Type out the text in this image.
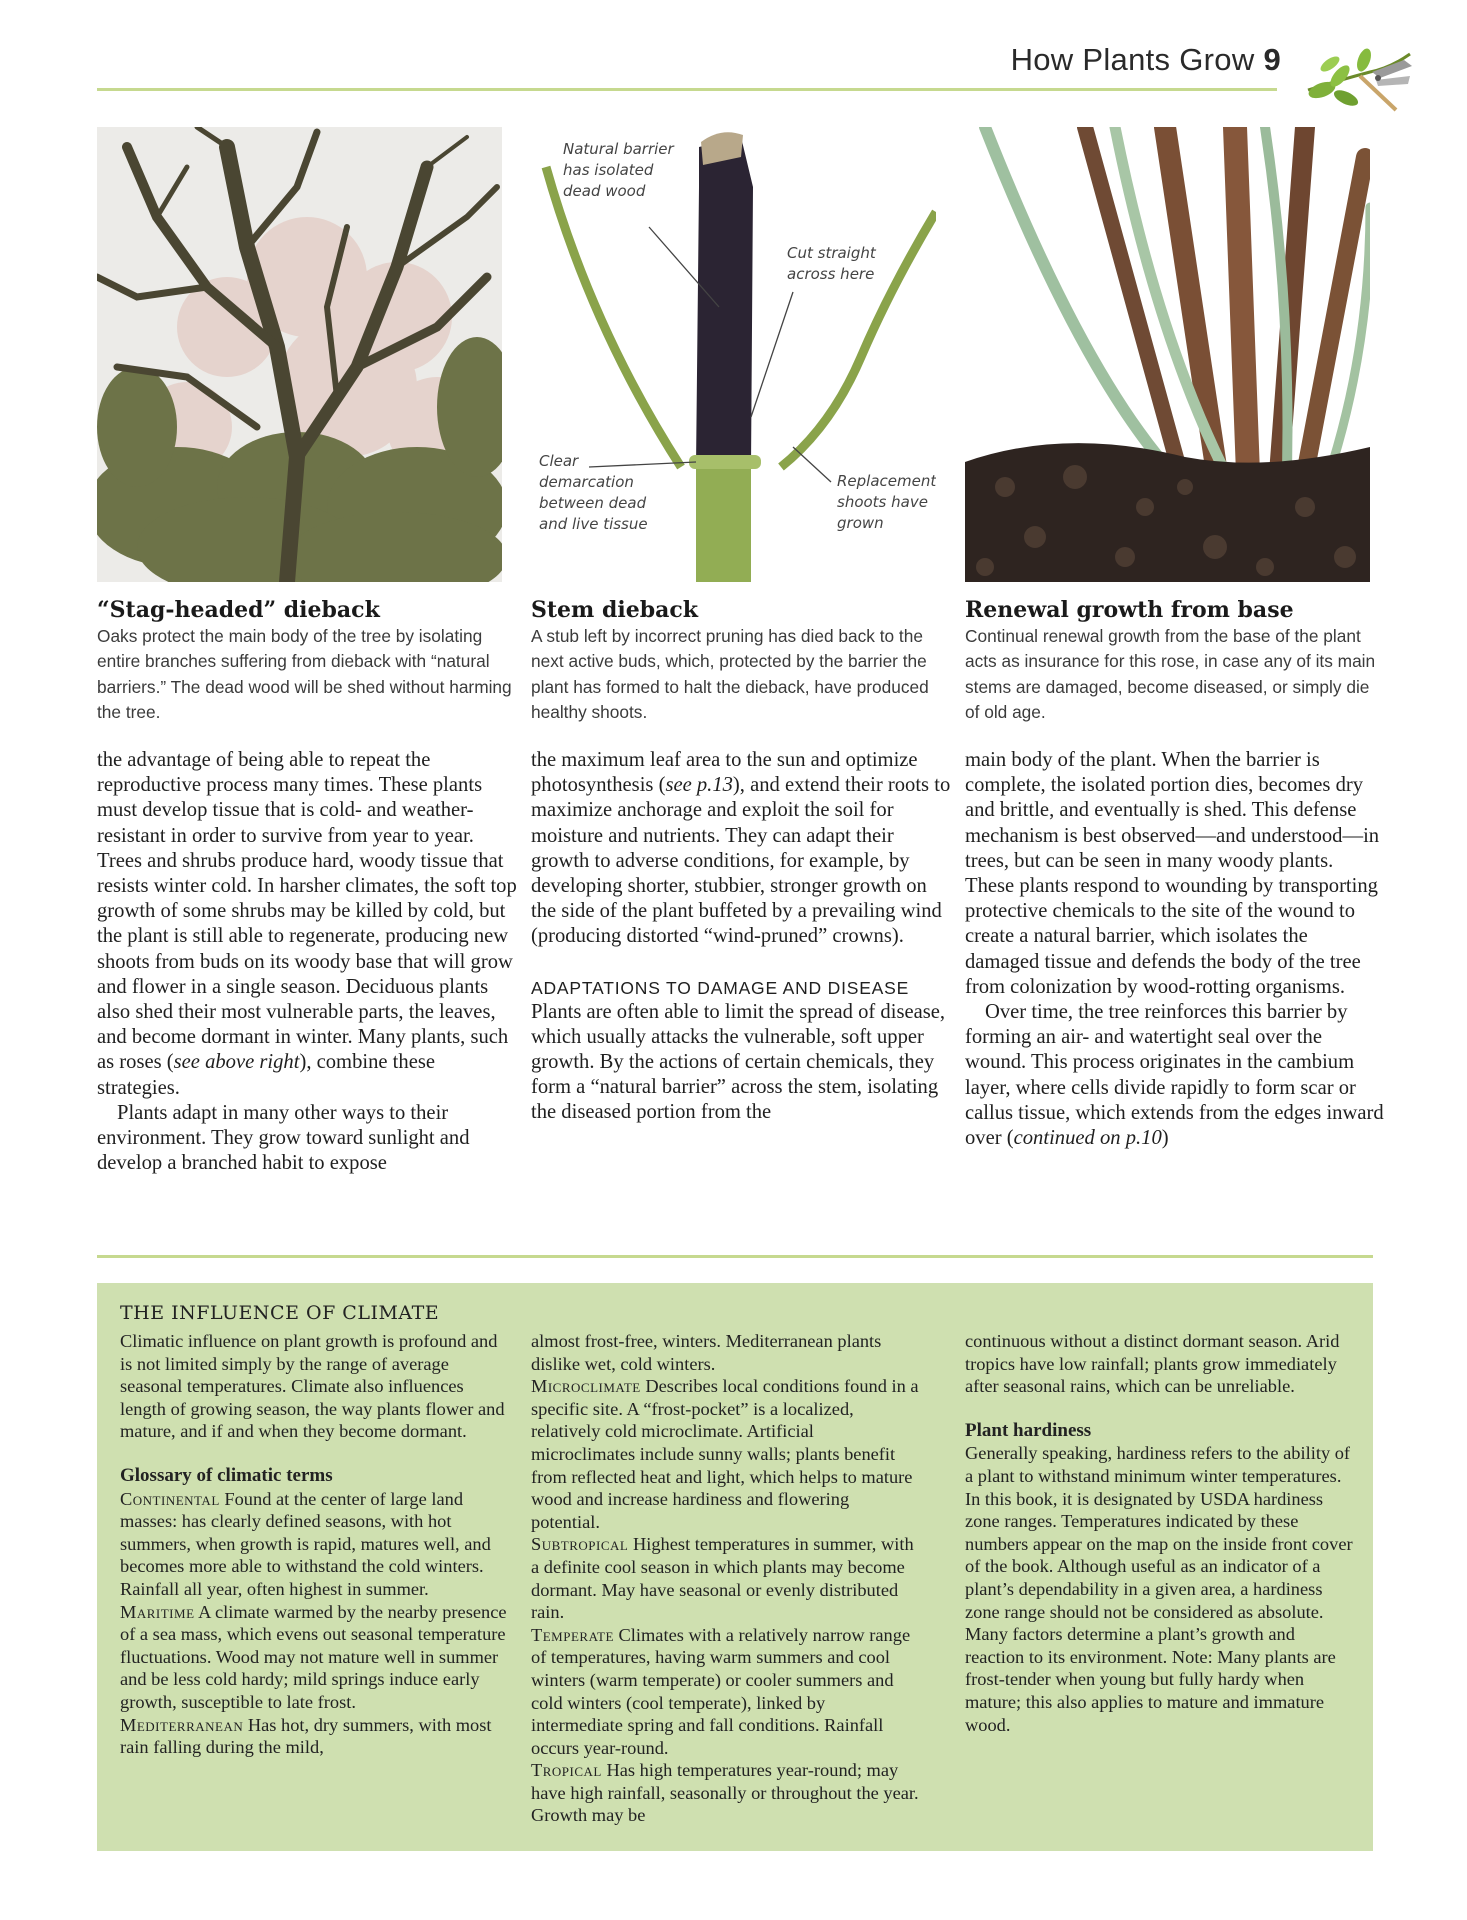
How Plants Grow 9
Natural barrier
has isolated
dead wood
Cut straight
across here
Clear
demarcation
between dead
and live tissue
Replacement
shoots have
grown

“Stag-headed” dieback

Oaks protect the main body of the tree by isolating entire branches suffering from dieback with “natural barriers.” The dead wood will be shed without harming the tree.

Stem dieback

A stub left by incorrect pruning has died back to the next active buds, which, protected by the barrier the plant has formed to halt the dieback, have produced healthy shoots.

Renewal growth from base

Continual renewal growth from the base of the plant acts as insurance for this rose, in case any of its main stems are damaged, become diseased, or simply die of old age.

the advantage of being able to repeat the reproductive process many times. These plants must develop tissue that is cold- and weather-resistant in order to survive from year to year. Trees and shrubs produce hard, woody tissue that resists winter cold. In harsher climates, the soft top growth of some shrubs may be killed by cold, but the plant is still able to regenerate, producing new shoots from buds on its woody base that will grow and flower in a single season. Deciduous plants also shed their most vulnerable parts, the leaves, and become dormant in winter. Many plants, such as roses (see above right), combine these strategies.

Plants adapt in many other ways to their environment. They grow toward sunlight and develop a branched habit to expose

the maximum leaf area to the sun and optimize photosynthesis (see p.13), and extend their roots to maximize anchorage and exploit the soil for moisture and nutrients. They can adapt their growth to adverse conditions, for example, by developing shorter, stubbier, stronger growth on the side of the plant buffeted by a prevailing wind (producing distorted “wind-pruned” crowns).

ADAPTATIONS TO DAMAGE AND DISEASE

Plants are often able to limit the spread of disease, which usually attacks the vulnerable, soft upper growth. By the actions of certain chemicals, they form a “natural barrier” across the stem, isolating the diseased portion from the

main body of the plant. When the barrier is complete, the isolated portion dies, becomes dry and brittle, and eventually is shed. This defense mechanism is best observed—and understood—in trees, but can be seen in many woody plants. These plants respond to wounding by transporting protective chemicals to the site of the wound to create a natural barrier, which isolates the damaged tissue and defends the body of the tree from colonization by wood-rotting organisms.

Over time, the tree reinforces this barrier by forming an air- and watertight seal over the wound. This process originates in the cambium layer, where cells divide rapidly to form scar or callus tissue, which extends from the edges inward over (continued on p.10)

THE INFLUENCE OF CLIMATE

Climatic influence on plant growth is profound and is not limited simply by the range of average seasonal temperatures. Climate also influences length of growing season, the way plants flower and mature, and if and when they become dormant.

Glossary of climatic terms

Continental Found at the center of large land masses: has clearly defined seasons, with hot summers, when growth is rapid, matures well, and becomes more able to withstand the cold winters. Rainfall all year, often highest in summer.

Maritime A climate warmed by the nearby presence of a sea mass, which evens out seasonal temperature fluctuations. Wood may not mature well in summer and be less cold hardy; mild springs induce early growth, susceptible to late frost.

Mediterranean Has hot, dry summers, with most rain falling during the mild,

almost frost-free, winters. Mediterranean plants dislike wet, cold winters.

Microclimate Describes local conditions found in a specific site. A “frost-pocket” is a localized, relatively cold microclimate. Artificial microclimates include sunny walls; plants benefit from reflected heat and light, which helps to mature wood and increase hardiness and flowering potential.

Subtropical Highest temperatures in summer, with a definite cool season in which plants may become dormant. May have seasonal or evenly distributed rain.

Temperate Climates with a relatively narrow range of temperatures, having warm summers and cool winters (warm temperate) or cooler summers and cold winters (cool temperate), linked by intermediate spring and fall conditions. Rainfall occurs year-round.

Tropical Has high temperatures year-round; may have high rainfall, seasonally or throughout the year. Growth may be

continuous without a distinct dormant season. Arid tropics have low rainfall; plants grow immediately after seasonal rains, which can be unreliable.

Plant hardiness

Generally speaking, hardiness refers to the ability of a plant to withstand minimum winter temperatures. In this book, it is designated by USDA hardiness zone ranges. Temperatures indicated by these numbers appear on the map on the inside front cover of the book. Although useful as an indicator of a plant’s dependability in a given area, a hardiness zone range should not be considered as absolute. Many factors determine a plant’s growth and reaction to its environment. Note: Many plants are frost-tender when young but fully hardy when mature; this also applies to mature and immature wood.
